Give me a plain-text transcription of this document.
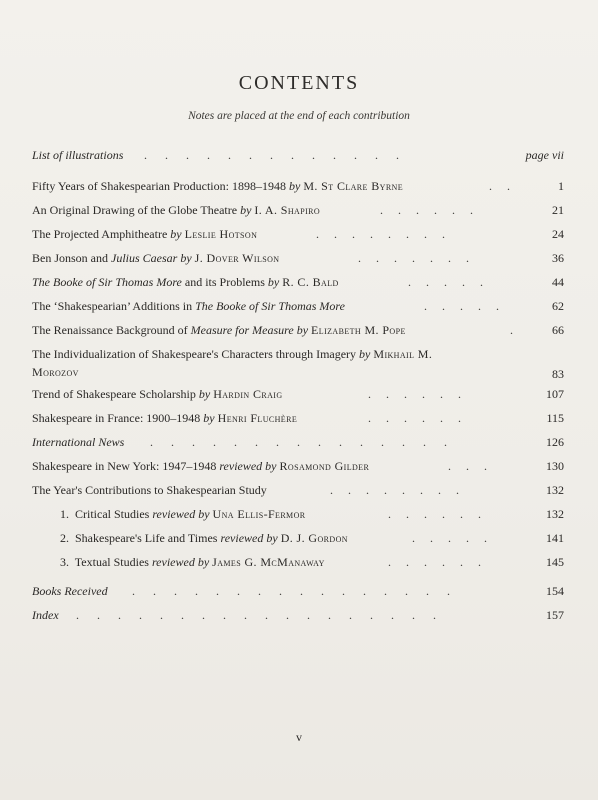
CONTENTS
Notes are placed at the end of each contribution
List of illustrations .      .      .      .      .      .      .      .      .      .      .      .      .	page vii
Fifty Years of Shakespearian Production: 1898–1948 by M. St Clare Byrne	.     .	1
An Original Drawing of the Globe Theatre by I. A. Shapiro	.     .     .     .     .     .	21
The Projected Amphitheatre by Leslie Hotson	.     .     .     .     .     .     .     .	24
Ben Jonson and Julius Caesar by J. Dover Wilson	.     .     .     .     .     .     .	36
The Booke of Sir Thomas More and its Problems by R. C. Bald	.     .     .     .     .	44
The ‘Shakespearian’ Additions in The Booke of Sir Thomas More	.     .     .     .     .	62
The Renaissance Background of Measure for Measure by Elizabeth M. Pope	.	66
The Individualization of Shakespeare's Characters through Imagery by Mikhail M.
Morozov	83
Trend of Shakespeare Scholarship by Hardin Craig	.     .     .     .     .     .	107
Shakespeare in France: 1900–1948 by Henri Fluchère	.     .     .     .     .     .	115
International News .      .      .      .      .      .      .      .      .      .      .      .      .      .      .	126
Shakespeare in New York: 1947–1948 reviewed by Rosamond Gilder	.     .     .	130
The Year's Contributions to Shakespearian Study	.     .     .     .     .     .     .     .	132
1. Critical Studies reviewed by Una Ellis-Fermor	.     .     .     .     .     .	132
2. Shakespeare's Life and Times reviewed by D. J. Gordon	.     .     .     .     .	141
3. Textual Studies reviewed by James G. McManaway	.     .     .     .     .     .	145
Books Received .      .      .      .      .      .      .      .      .      .      .      .      .      .      .      .	154
Index .      .      .      .      .      .      .      .      .      .      .      .      .      .      .      .      .      .	157
v
